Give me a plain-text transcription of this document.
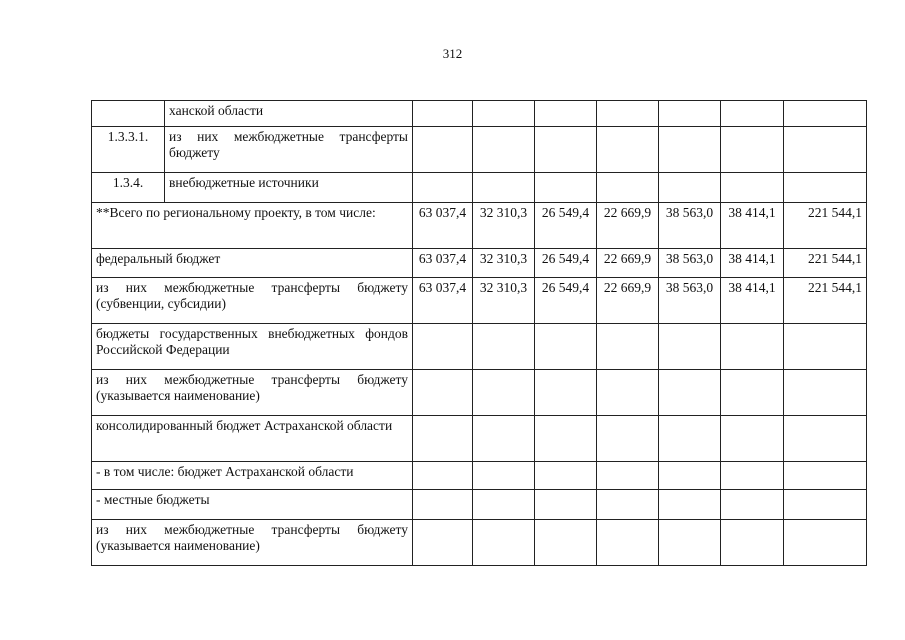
312
	ханской области							
1.3.3.1.	из них межбюджетные трансферты бюджету							
1.3.4.	внебюджетные источники							
**Всего по региональному проекту, в том числе:		63 037,4	32 310,3	26 549,4	22 669,9	38 563,0	38 414,1	221 544,1
федеральный бюджет		63 037,4	32 310,3	26 549,4	22 669,9	38 563,0	38 414,1	221 544,1
из них межбюджетные трансферты бюджету (субвенции, субсидии)		63 037,4	32 310,3	26 549,4	22 669,9	38 563,0	38 414,1	221 544,1
бюджеты государственных внебюджетных фондов Российской Федерации								
из них межбюджетные трансферты бюджету (указывается наименование)								
консолидированный бюджет Астраханской области								
- в том числе: бюджет Астраханской области								
- местные бюджеты								
из них межбюджетные трансферты бюджету (указывается наименование)								
